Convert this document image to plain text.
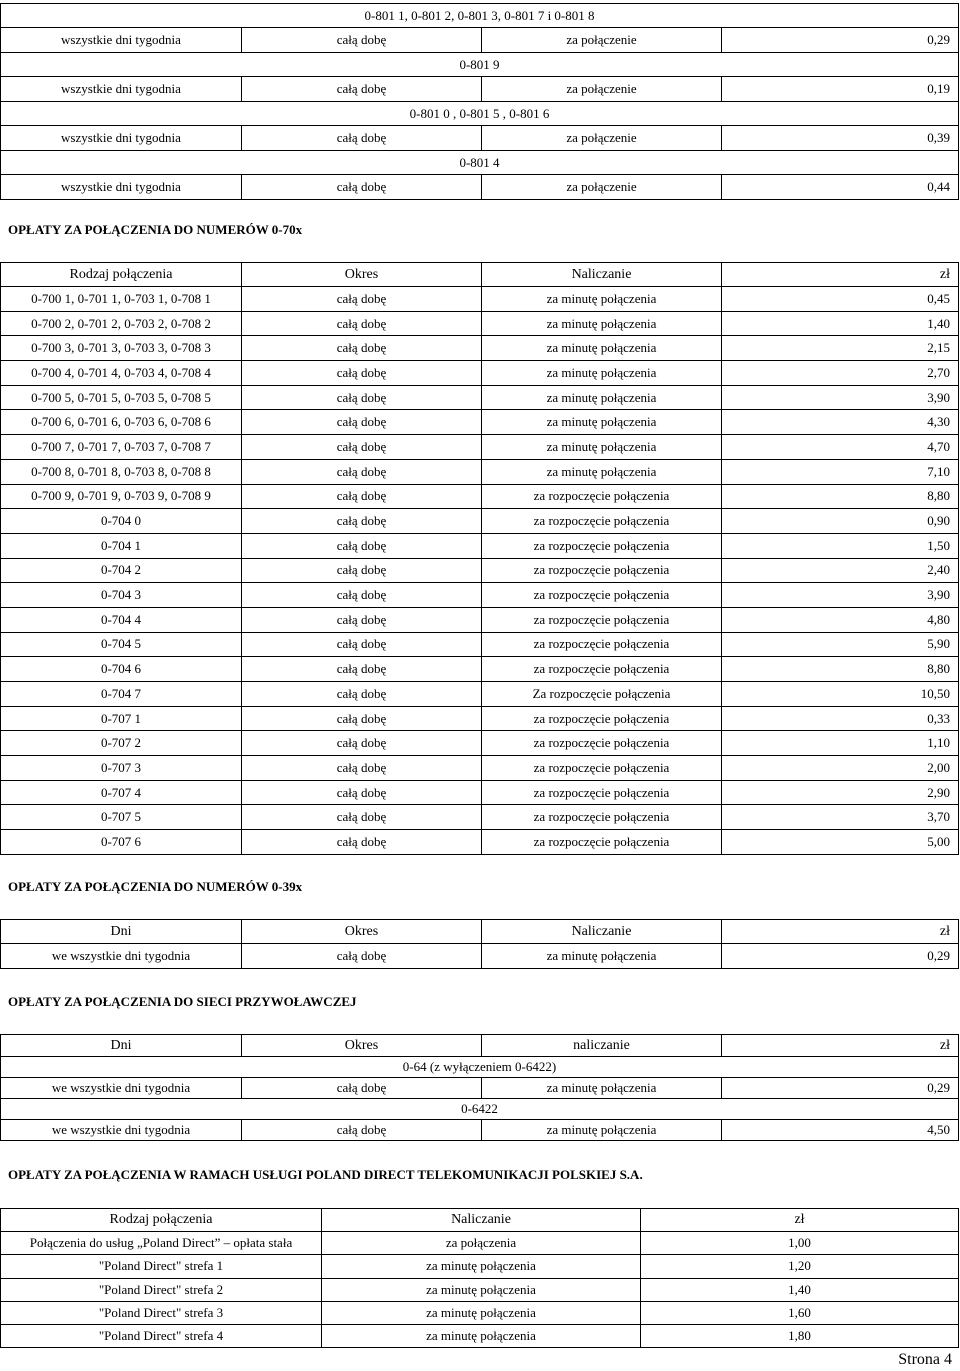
0-801 1, 0-801 2, 0-801 3, 0-801 7 i 0-801 8			
wszystkie dni tygodnia	całą dobę	za połączenie	0,29
0-801 9			
wszystkie dni tygodnia	całą dobę	za połączenie	0,19
0-801 0 , 0-801 5 , 0-801 6			
wszystkie dni tygodnia	całą dobę	za połączenie	0,39
0-801 4			
wszystkie dni tygodnia	całą dobę	za połączenie	0,44
OPŁATY ZA POŁĄCZENIA DO NUMERÓW 0-70x
Rodzaj połączenia	Okres	Naliczanie	zł
0-700 1, 0-701 1, 0-703 1, 0-708 1	całą dobę	za minutę połączenia	0,45
0-700 2, 0-701 2, 0-703 2, 0-708 2	całą dobę	za minutę połączenia	1,40
0-700 3, 0-701 3, 0-703 3, 0-708 3	całą dobę	za minutę połączenia	2,15
0-700 4, 0-701 4, 0-703 4, 0-708 4	całą dobę	za minutę połączenia	2,70
0-700 5, 0-701 5, 0-703 5, 0-708 5	całą dobę	za minutę połączenia	3,90
0-700 6, 0-701 6, 0-703 6, 0-708 6	całą dobę	za minutę połączenia	4,30
0-700 7, 0-701 7, 0-703 7, 0-708 7	całą dobę	za minutę połączenia	4,70
0-700 8, 0-701 8, 0-703 8, 0-708 8	całą dobę	za minutę połączenia	7,10
0-700 9, 0-701 9, 0-703 9, 0-708 9	całą dobę	za rozpoczęcie połączenia	8,80
0-704 0	całą dobę	za rozpoczęcie połączenia	0,90
0-704 1	całą dobę	za rozpoczęcie połączenia	1,50
0-704 2	całą dobę	za rozpoczęcie połączenia	2,40
0-704 3	całą dobę	za rozpoczęcie połączenia	3,90
0-704 4	całą dobę	za rozpoczęcie połączenia	4,80
0-704 5	całą dobę	za rozpoczęcie połączenia	5,90
0-704 6	całą dobę	za rozpoczęcie połączenia	8,80
0-704 7	całą dobę	Za rozpoczęcie połączenia	10,50
0-707 1	całą dobę	za rozpoczęcie połączenia	0,33
0-707 2	całą dobę	za rozpoczęcie połączenia	1,10
0-707 3	całą dobę	za rozpoczęcie połączenia	2,00
0-707 4	całą dobę	za rozpoczęcie połączenia	2,90
0-707 5	całą dobę	za rozpoczęcie połączenia	3,70
0-707 6	całą dobę	za rozpoczęcie połączenia	5,00
OPŁATY ZA POŁĄCZENIA DO NUMERÓW 0-39x
Dni	Okres	Naliczanie	zł
we wszystkie dni tygodnia	całą dobę	za minutę połączenia	0,29
OPŁATY ZA POŁĄCZENIA DO SIECI PRZYWOŁAWCZEJ
Dni	Okres	naliczanie	zł
0-64 (z wyłączeniem 0-6422)			
we wszystkie dni tygodnia	całą dobę	za minutę połączenia	0,29
0-6422			
we wszystkie dni tygodnia	całą dobę	za minutę połączenia	4,50
OPŁATY ZA POŁĄCZENIA W RAMACH USŁUGI POLAND DIRECT TELEKOMUNIKACJI POLSKIEJ S.A.
Rodzaj połączenia	Naliczanie	zł
Połączenia do usług „Poland Direct” – opłata stała	za połączenia	1,00
"Poland Direct" strefa 1	za minutę połączenia	1,20
"Poland Direct" strefa 2	za minutę połączenia	1,40
"Poland Direct" strefa 3	za minutę połączenia	1,60
"Poland Direct" strefa 4	za minutę połączenia	1,80
Strona 4
